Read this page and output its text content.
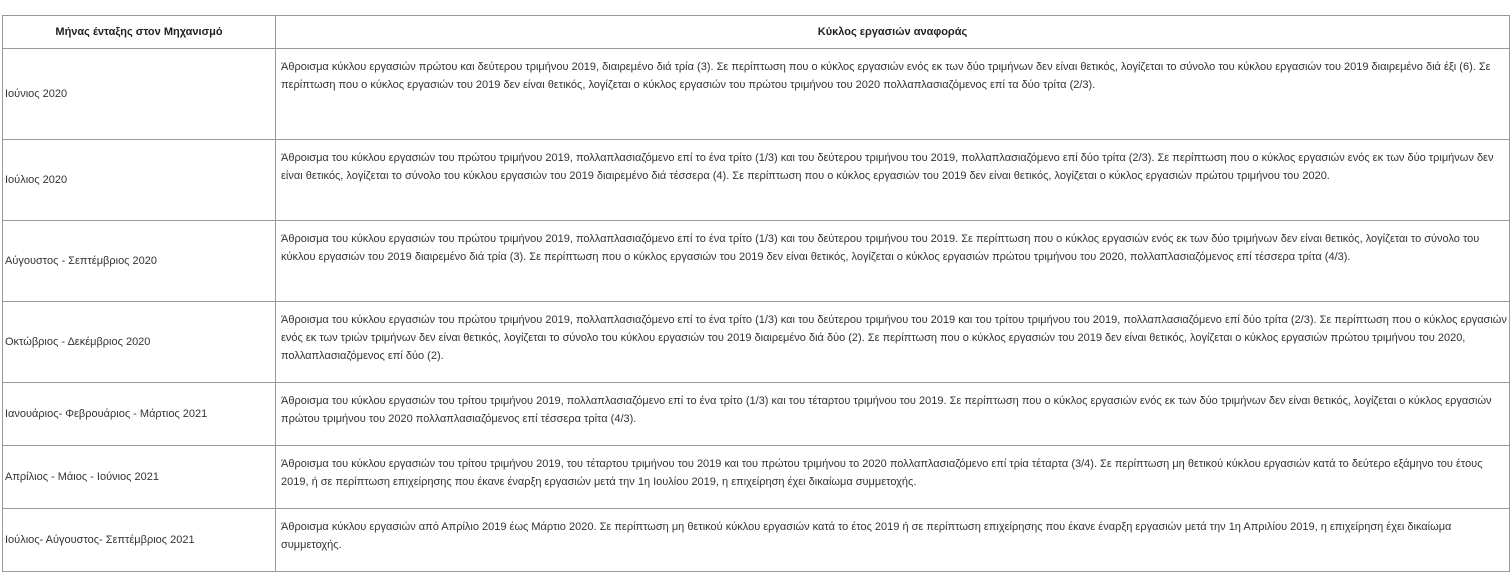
Μήνας ένταξης στον Μηχανισμό	Κύκλος εργασιών αναφοράς
Ιούνιος 2020	Άθροισμα κύκλου εργασιών πρώτου και δεύτερου τριμήνου 2019, διαιρεμένο διά τρία (3). Σε περίπτωση που ο κύκλος εργασιών ενός εκ των δύο τριμήνων δεν είναι θετικός, λογίζεται το σύνολο του κύκλου εργασιών του 2019 διαιρεμένο διά έξι (6). Σε περίπτωση που ο κύκλος εργασιών του 2019 δεν είναι θετικός, λογίζεται ο κύκλος εργασιών του πρώτου τριμήνου του 2020 πολλαπλασιαζόμενος επί τα δύο τρίτα (2/3).
Ιούλιος 2020	Άθροισμα του κύκλου εργασιών του πρώτου τριμήνου 2019, πολλαπλασιαζόμενο επί το ένα τρίτο (1/3) και του δεύτερου τριμήνου του 2019, πολλαπλασιαζόμενο επί δύο τρίτα (2/3). Σε περίπτωση που ο κύκλος εργασιών ενός εκ των δύο τριμήνων δεν είναι θετικός, λογίζεται το σύνολο του κύκλου εργασιών του 2019 διαιρεμένο διά τέσσερα (4). Σε περίπτωση που ο κύκλος εργασιών του 2019 δεν είναι θετικός, λογίζεται ο κύκλος εργασιών πρώτου τριμήνου του 2020.
Αύγουστος - Σεπτέμβριος 2020	Άθροισμα του κύκλου εργασιών του πρώτου τριμήνου 2019, πολλαπλασιαζόμενο επί το ένα τρίτο (1/3) και του δεύτερου τριμήνου του 2019. Σε περίπτωση που ο κύκλος εργασιών ενός εκ των δύο τριμήνων δεν είναι θετικός, λογίζεται το σύνολο του κύκλου εργασιών του 2019 διαιρεμένο διά τρία (3). Σε περίπτωση που ο κύκλος εργασιών του 2019 δεν είναι θετικός, λογίζεται ο κύκλος εργασιών πρώτου τριμήνου του 2020, πολλαπλασιαζόμενος επί τέσσερα τρίτα (4/3).
Οκτώβριος - Δεκέμβριος 2020	Άθροισμα του κύκλου εργασιών του πρώτου τριμήνου 2019, πολλαπλασιαζόμενο επί το ένα τρίτο (1/3) και του δεύτερου τριμήνου του 2019 και του τρίτου τριμήνου του 2019, πολλαπλασιαζόμενο επί δύο τρίτα (2/3). Σε περίπτωση που ο κύκλος εργασιών ενός εκ των τριών τριμήνων δεν είναι θετικός, λογίζεται το σύνολο του κύκλου εργασιών του 2019 διαιρεμένο διά δύο (2). Σε περίπτωση που ο κύκλος εργασιών του 2019 δεν είναι θετικός, λογίζεται ο κύκλος εργασιών πρώτου τριμήνου του 2020, πολλαπλασιαζόμενος επί δύο (2).
Ιανουάριος- Φεβρουάριος - Μάρτιος 2021	Άθροισμα του κύκλου εργασιών του τρίτου τριμήνου 2019, πολλαπλασιαζόμενο επί το ένα τρίτο (1/3) και του τέταρτου τριμήνου του 2019. Σε περίπτωση που ο κύκλος εργασιών ενός εκ των δύο τριμήνων δεν είναι θετικός, λογίζεται ο κύκλος εργασιών πρώτου τριμήνου του 2020 πολλαπλασιαζόμενος επί τέσσερα τρίτα (4/3).
Απρίλιος - Μάιος - Ιούνιος 2021	Άθροισμα του κύκλου εργασιών του τρίτου τριμήνου 2019, του τέταρτου τριμήνου του 2019 και του πρώτου τριμήνου το 2020 πολλαπλασιαζόμενο επί τρία τέταρτα (3/4). Σε περίπτωση μη θετικού κύκλου εργασιών κατά το δεύτερο εξάμηνο του έτους 2019, ή σε περίπτωση επιχείρησης που έκανε έναρξη εργασιών μετά την 1η Ιουλίου 2019, η επιχείρηση έχει δικαίωμα συμμετοχής.
Ιούλιος- Αύγουστος- Σεπτέμβριος 2021	Άθροισμα κύκλου εργασιών από Απρίλιο 2019 έως Μάρτιο 2020. Σε περίπτωση μη θετικού κύκλου εργασιών κατά το έτος 2019 ή σε περίπτωση επιχείρησης που έκανε έναρξη εργασιών μετά την 1η Απριλίου 2019, η επιχείρηση έχει δικαίωμα συμμετοχής.
